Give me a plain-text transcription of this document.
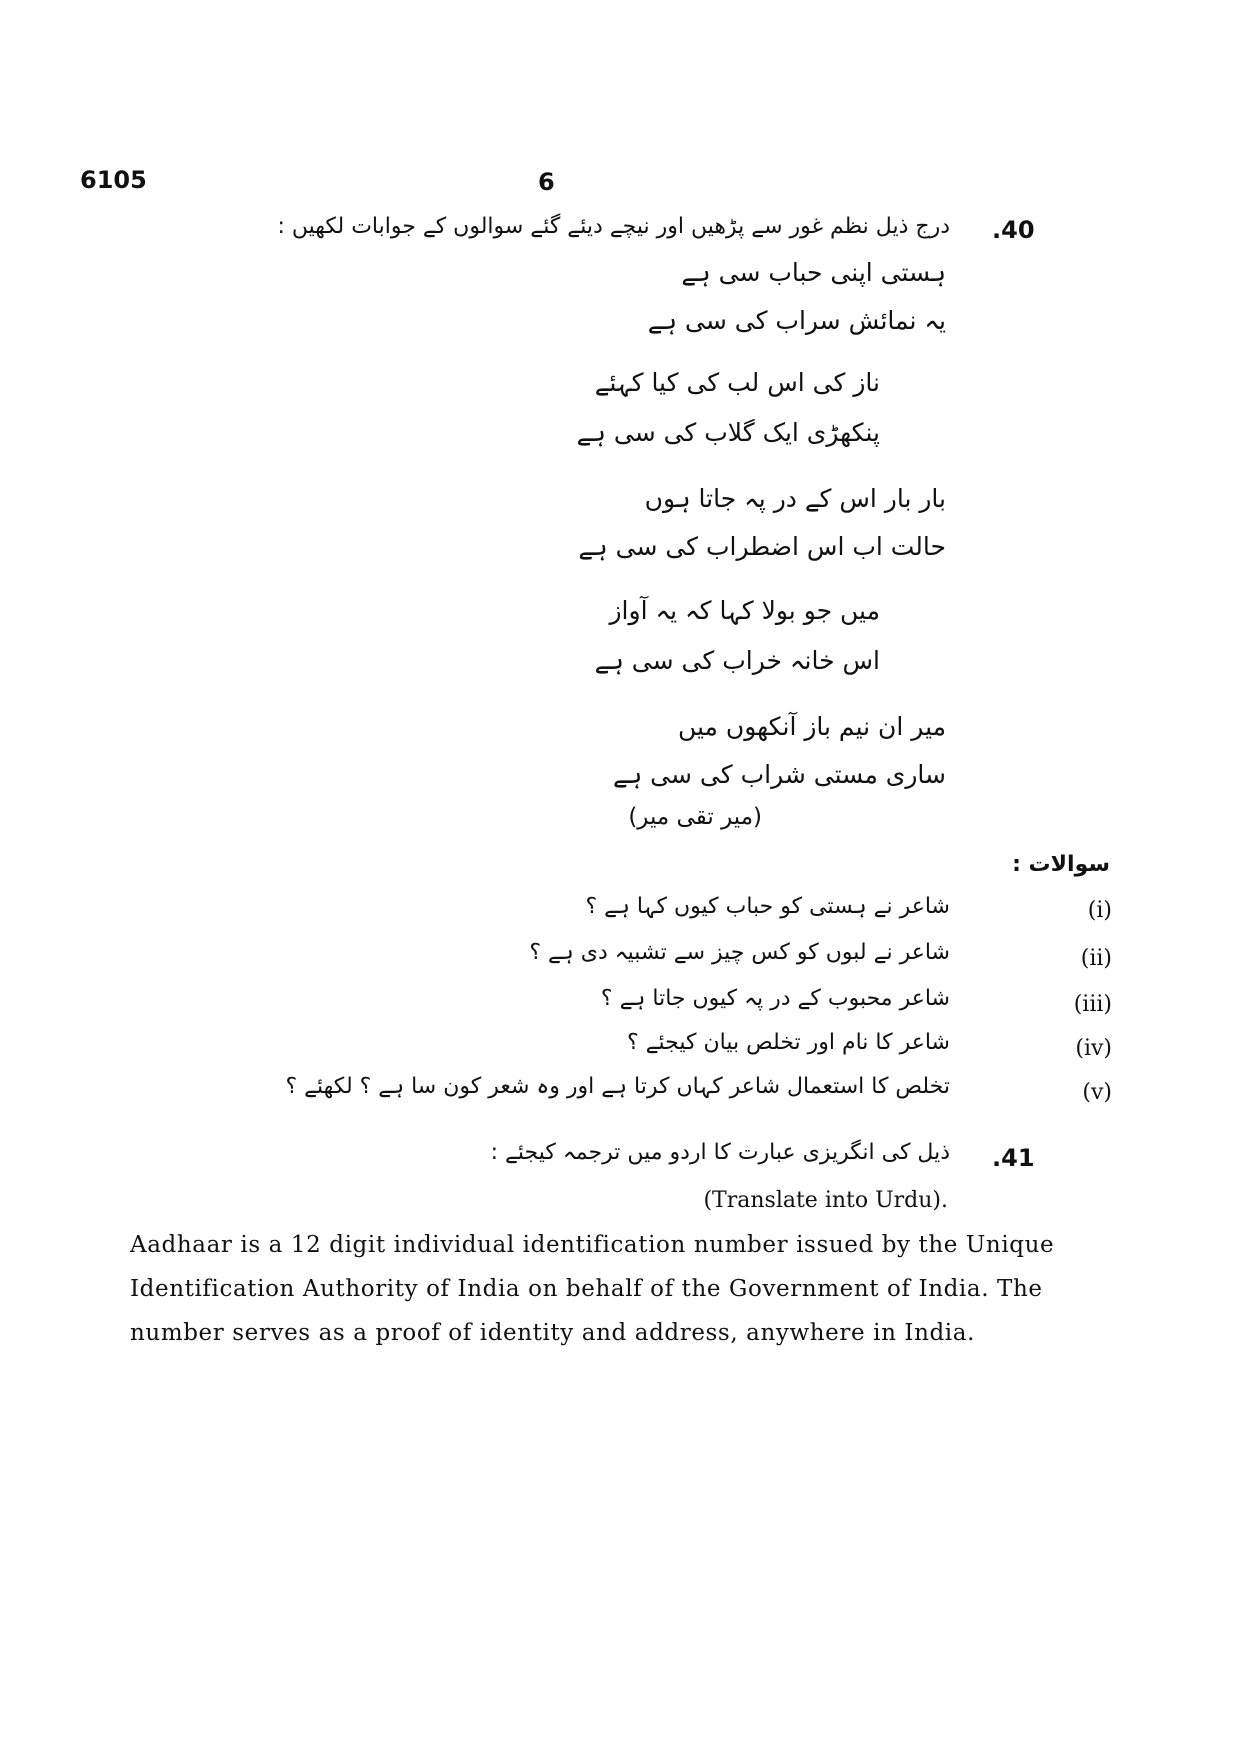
6105	6
.40
درج ذیل نظم غور سے پڑھیں اور نیچے دیئے گئے سوالوں کے جوابات لکھیں :
ہستی اپنی حباب سی ہے
یہ نمائش سراب کی سی ہے
ناز کی اس لب کی کیا کہئے
پنکھڑی ایک گلاب کی سی ہے
بار بار اس کے در پہ جاتا ہوں
حالت اب اس اضطراب کی سی ہے
میں جو بولا کہا کہ یہ آواز
اس خانہ خراب کی سی ہے
میر ان نیم باز آنکھوں میں
ساری مستی شراب کی سی ہے
(میر تقی میر)
سوالات :
(i)
شاعر نے ہستی کو حباب کیوں کہا ہے ؟
(ii)
شاعر نے لبوں کو کس چیز سے تشبیہ دی ہے ؟
(iii)
شاعر محبوب کے در پہ کیوں جاتا ہے ؟
(iv)
شاعر کا نام اور تخلص بیان کیجئے ؟
(v)
تخلص کا استعمال شاعر کہاں کرتا ہے اور وہ شعر کون سا ہے ؟ لکھئے ؟
.41
ذیل کی انگریزی عبارت کا اردو میں ترجمہ کیجئے :
(Translate into Urdu).
Aadhaar is a 12 digit individual identification number issued by the Unique
Identification Authority of India on behalf of the Government of India. The
number serves as a proof of identity and address, anywhere in India.
